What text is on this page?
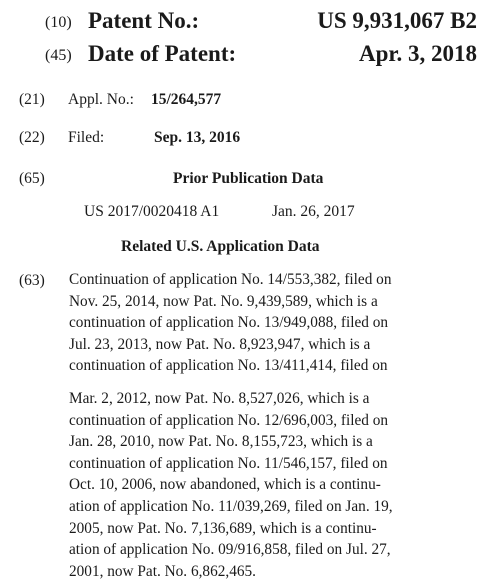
(10) Patent No.:	US 9,931,067 B2
(45) Date of Patent:	Apr. 3, 2018
(21) Appl. No.: 15/264,577
(22) Filed:	Sep. 13, 2016
(65)	Prior Publication Data
US 2017/0020418 A1	Jan. 26, 2017
Related U.S. Application Data
(63) Continuation of application No. 14/553,382, filed on
Nov. 25, 2014, now Pat. No. 9,439,589, which is a
continuation of application No. 13/949,088, filed on
Jul. 23, 2013, now Pat. No. 8,923,947, which is a
continuation of application No. 13/411,414, filed on
Mar. 2, 2012, now Pat. No. 8,527,026, which is a
continuation of application No. 12/696,003, filed on
Jan. 28, 2010, now Pat. No. 8,155,723, which is a
continuation of application No. 11/546,157, filed on
Oct. 10, 2006, now abandoned, which is a continu-
ation of application No. 11/039,269, filed on Jan. 19,
2005, now Pat. No. 7,136,689, which is a continu-
ation of application No. 09/916,858, filed on Jul. 27,
2001, now Pat. No. 6,862,465.
